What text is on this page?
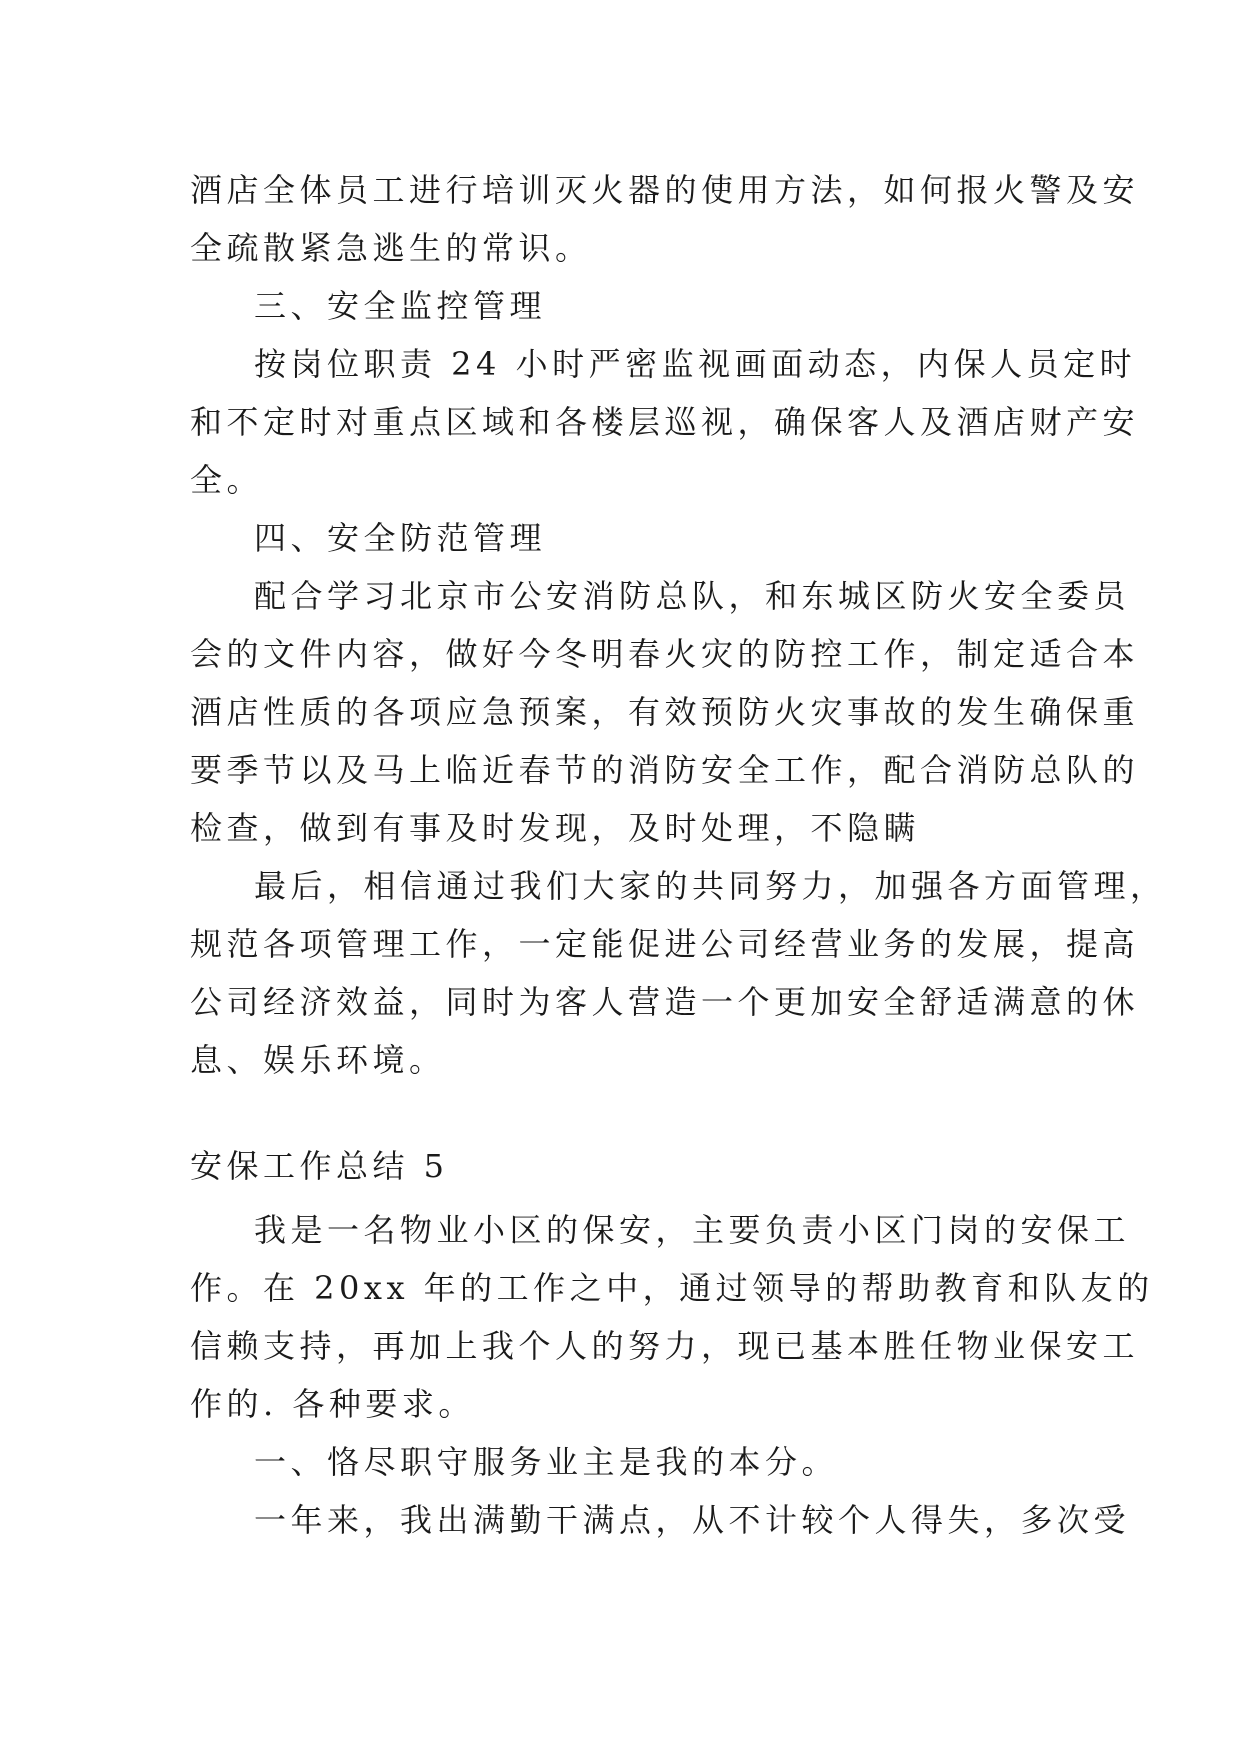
酒店全体员工进行培训灭火器的使用方法，如何报火警及安
全疏散紧急逃生的常识。
三、安全监控管理
按岗位职责 24 小时严密监视画面动态，内保人员定时
和不定时对重点区域和各楼层巡视，确保客人及酒店财产安
全。
四、安全防范管理
配合学习北京市公安消防总队，和东城区防火安全委员
会的文件内容，做好今冬明春火灾的防控工作，制定适合本
酒店性质的各项应急预案，有效预防火灾事故的发生确保重
要季节以及马上临近春节的消防安全工作，配合消防总队的
检查，做到有事及时发现，及时处理，不隐瞒
最后，相信通过我们大家的共同努力，加强各方面管理，
规范各项管理工作，一定能促进公司经营业务的发展，提高
公司经济效益，同时为客人营造一个更加安全舒适满意的休
息、娱乐环境。
安保工作总结 5
我是一名物业小区的保安，主要负责小区门岗的安保工
作。在 20xx 年的工作之中，通过领导的帮助教育和队友的
信赖支持，再加上我个人的努力，现已基本胜任物业保安工
作的. 各种要求。
一、恪尽职守服务业主是我的本分。
一年来，我出满勤干满点，从不计较个人得失，多次受
